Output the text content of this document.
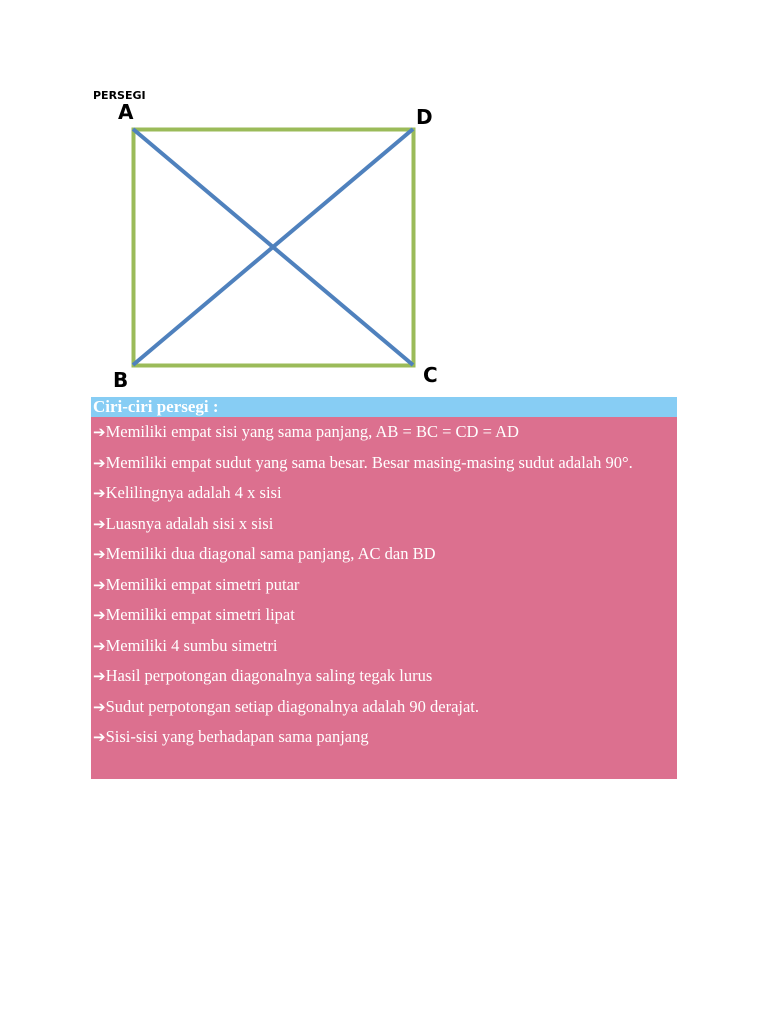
PERSEGI
A	D
B	C
Ciri-ciri persegi :
➔Memiliki empat sisi yang sama panjang, AB = BC = CD = AD
➔Memiliki empat sudut yang sama besar. Besar masing-masing sudut adalah 90°.
➔Kelilingnya adalah 4 x sisi
➔Luasnya adalah sisi x sisi
➔Memiliki dua diagonal sama panjang, AC dan BD
➔Memiliki empat simetri putar
➔Memiliki empat simetri lipat
➔Memiliki 4 sumbu simetri
➔Hasil perpotongan diagonalnya saling tegak lurus
➔Sudut perpotongan setiap diagonalnya adalah 90 derajat.
➔Sisi-sisi yang berhadapan sama panjang
